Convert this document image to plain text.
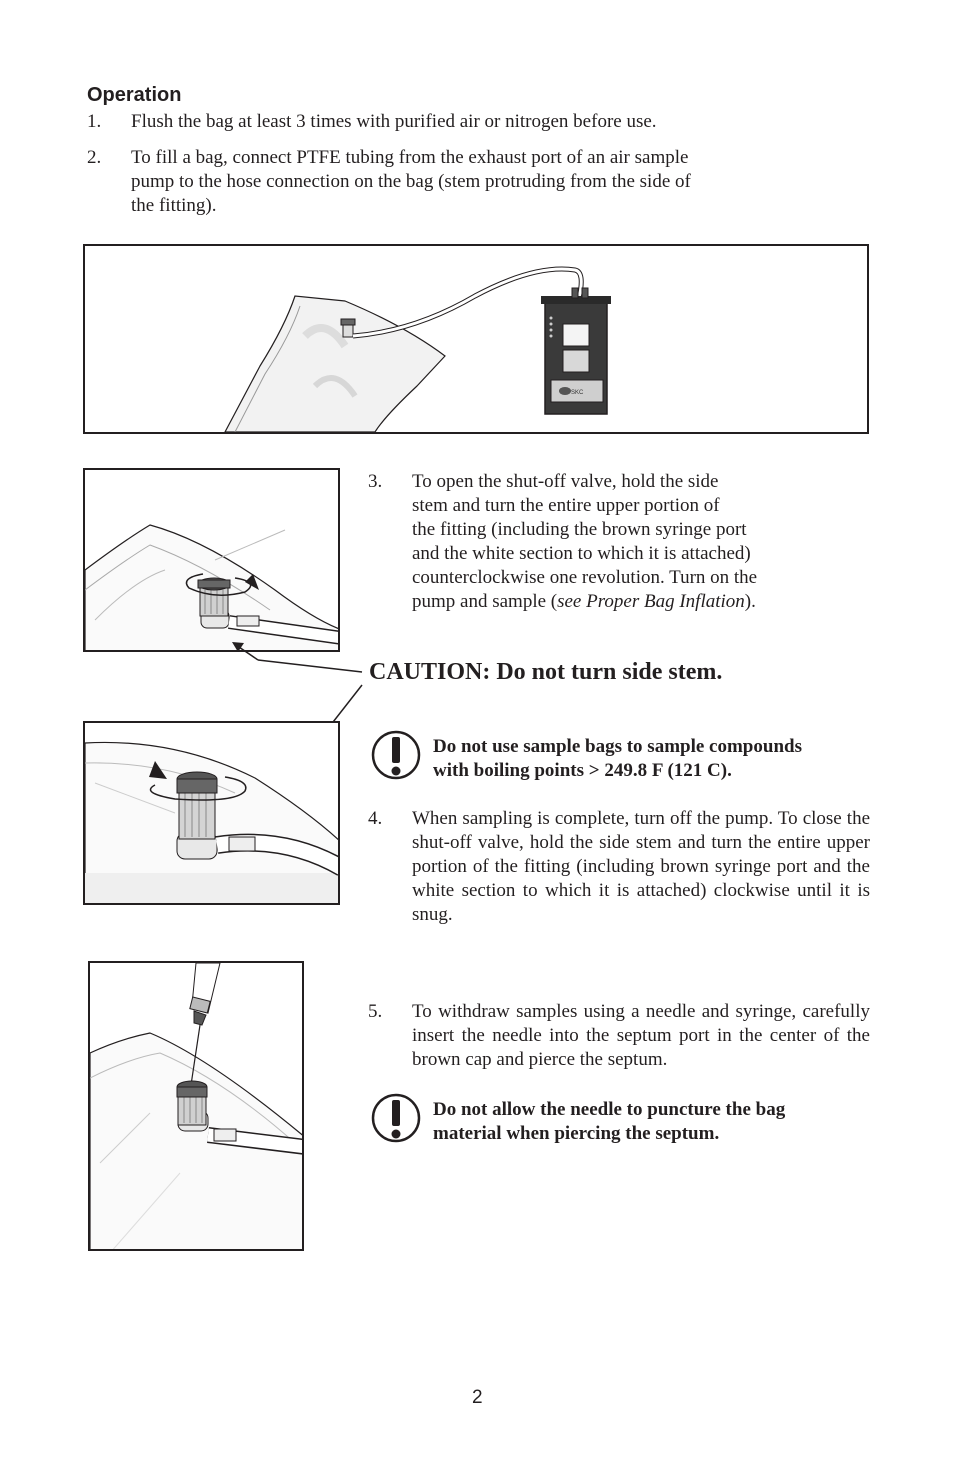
Operation
1. Flush the bag at least 3 times with purified air or nitrogen before use.
2. To fill a bag, connect PTFE tubing from the exhaust port of an air sample
pump to the hose connection on the bag (stem protruding from the side of
the fitting).
SKC
3. To open the shut-off valve, hold the side
stem and turn the entire upper portion of
the fitting (including the brown syringe port
and the white section to which it is attached)
counterclockwise one revolution. Turn on the
pump and sample (see Proper Bag Inflation).
CAUTION: Do not turn side stem.
Do not use sample bags to sample compounds
with boiling points > 249.8 F (121 C).
4. When sampling is complete, turn off the pump. To close the shut-off valve, hold the side stem and turn the entire upper portion of the fitting (including brown syringe port and the white section to which it is attached) clockwise until it is snug.
5. To withdraw samples using a needle and syringe, carefully insert the needle into the septum port in the center of the brown cap and pierce the septum.
Do not allow the needle to puncture the bag
material when piercing the septum.
2
